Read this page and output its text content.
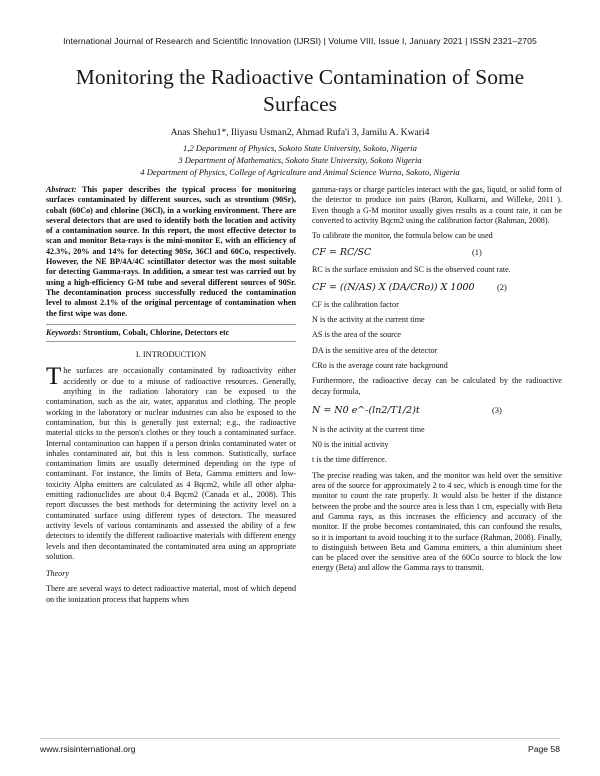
International Journal of Research and Scientific Innovation (IJRSI) | Volume VIII, Issue I, January 2021 | ISSN 2321–2705
Monitoring the Radioactive Contamination of Some Surfaces
Anas Shehu1*, Iliyasu Usman2, Ahmad Rufa'i 3, Jamilu A. Kwari4
1,2 Department of Physics, Sokoto State University, Sokoto, Nigeria
3 Department of Mathematics, Sokoto State University, Sokoto Nigeria
4 Department of Physics, College of Agriculture and Animal Science Wurno, Sokoto, Nigeria

Abstract: This paper describes the typical process for monitoring surfaces contaminated by different sources, such as strontium (90Sr), cobalt (60Co) and chlorine (36Cl), in a working environment. There are several detectors that are used to identify both the location and activity of a contamination source. In this report, the most effective detector to scan and monitor Beta-rays is the mini-monitor E, with an efficiency of 42.3%, 20% and 14% for detecting 90Sr, 36Cl and 60Co, respectively. However, the NE BP/4A/4C scintillator detector was the most suitable for detecting Gamma-rays. In addition, a smear test was carried out by using a high-efficiency G-M tube and several different sources of 90Sr. The decontamination process successfully reduced the contamination level to almost 2.1% of the original percentage of contamination when the first wipe was done.

Keywords: Strontium, Cobalt, Chlorine, Detectors etc

I. INTRODUCTION

The surfaces are occasionally contaminated by radioactivity either accidently or due to a misuse of radioactive resources. Generally, anything in the radiation laboratory can be exposed to the contamination, such as the air, water, apparatus and clothing. The people working in the laboratory or nuclear industries can also be exposed to the contamination, but this is generally just external; e.g., the radioactive material sticks to the person's clothes or they touch a contaminated surface. Internal contamination can happen if a person drinks contaminated water or inhales contaminated air, but this is less common. Statistically, surface contamination limits are usually determined depending on the type of contaminant. For instance, the limits of Beta, Gamma emitters and low-toxicity Alpha emitters are calculated as 4 Bqcm2, while all other alpha-emitting radionuclides are about 0.4 Bqcm2 (Canada et al., 2008). This report discusses the best methods for determining the activity level on a contaminated surface using different types of detectors. The measured activity levels of various contaminants and assessed the ability of a few detectors to identify the different radioactive materials with different energy levels and then decontaminated the contaminated area using an appropriate solution.

Theory

There are several ways to detect radioactive material, most of which depend on the ionization process that happens when

gamma-rays or charge particles interact with the gas, liquid, or solid form of the detector to produce ion pairs (Baron, Kulkarni, and Willeke, 2011 ). Even though a G-M monitor usually gives results as a count rate, it can be converted to activity Bqcm2 using the calibration factor (Rahman, 2008).

To calibrate the monitor, the formula below can be used

CF = RC/SC	(1)

RC is the surface emission and SC is the observed count rate.

CF = ((N/AS) X (DA/CRo)) X 1000	(2)

CF is the calibration factor

N is the activity at the current time

AS is the area of the source

DA is the sensitive area of the detector

CRo is the average count rate background

Furthermore, the radioactive decay can be calculated by the radioactive decay formula,

N = N0 e^-(ln2/T1/2)t	(3)

N is the activity at the current time

N0 is the initial activity

t is the time difference.

The precise reading was taken, and the monitor was held over the sensitive area of the source for approximately 2 to 4 sec, which is enough time for the monitor to count the rate properly. It would also be better if the distance between the probe and the source area is less than 1 cm, especially with Beta and Gamma rays, as this increases the efficiency and accuracy of the monitor. If the probe becomes contaminated, this can confound the results, so it is important to avoid touching it to the surface (Rahman, 2008). Finally, to distinguish between Beta and Gamma emitters, a thin aluminium sheet can be placed over the sensitive area of the 60Co source to block the low energy (Beta) and allow the Gamma rays to transmit.

www.rsisinternational.org	Page 58
